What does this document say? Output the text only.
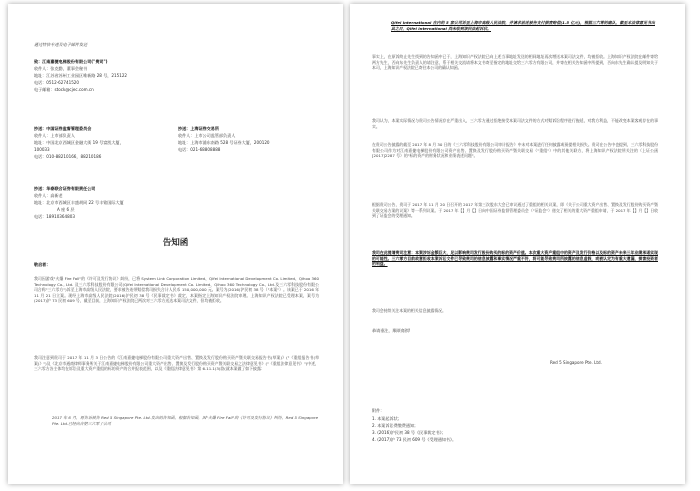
通过特快专递及电子邮件发送
致：江南嘉捷电梯股份有限公司("贵司")
收件人：张克勤，董事会秘书
地址：江苏省苏州工业园区唯新路 28 号，215122
电话：0512-62741520
电子邮箱：stock@cjec.com.cn
抄送：中国证券监督管理委员会
收件人：上市部负责人
地址：中国北京西城区金融大街 19 号富凯大厦，
100033
电话：010-88210166，88210186
抄送：上海证券交易所
收件人：上市公司监管部负责人
地址：上海市浦东南路 528 号证券大厦，200120
电话：021-68808888
抄送：华泰联合证券有限责任公司
收件人：高新老
地址：北京市西城区丰盛胡同 22 号丰铭国际大厦
A 座 6 层
电话：18910364803
告知函
敬启者：
我司因游戏"火爆 Fire Fall"的《许可及发行协议》纠纷，已将 System Link Corporation Limited、Qifei International Development Co. Limited、Qihoo 360 Technology Co., Ltd. 及三六零科技股份有限公司(Qifei International Development Co. Limited、Qihoo 360 Technology Co., Ltd.及三六零科技股份有限公司合称"三六零方")诉至上海市高级人民法院，要求被告连带赔偿我司损失合计人民币 150,000,000 元。案号为(2016)沪民初 38 号（"本案"）。该案已于 2016 年 11 月 21 日立案。现经上海市高级人民法院(2016)沪民初 38 号《民事裁定书》裁定，本案指定上海知识产权法院审理。上海知识产权法院已受理本案，案号为(2017)沪 73 民初 609 号，截至目前，上海知识产权法院已两次对三六零方送达本案司法文件，但均被拒收。
我司注意到贵司于 2017 年 11 月 3 日公告的《江南嘉捷电梯股份有限公司重大资产出售、置换及发行股份购买资产暨关联交易报告书(草案)》("《重组报告书(草案)》")及《北京市通商律师事务所关于江南嘉捷电梯股份有限公司重大资产出售、置换及发行股份购买资产暨关联交易之法律意见书》("《重组法律意见书》")中述，三六零方各主体均在诉讼及重大资产重组的标的资产的合并报表范围，以及《重组法律意见书》第 6.11.1(3)款(就本案做了如下披露：
2017 年 6 月，原告诉被告 Red 5 Singapore Pte. Ltd.发出的告知函，根据告知函，因"火爆 Fire Fall"的《许可及发行协议》纠纷，Red 5 Singapore Pte. Ltd.已经向合肥三六零子公司
Qifei International 在内的 5 家公司诉至上海市高级人民法院，并请求前述被告支付损害赔偿(1.5 亿元)，根据三六零的确认，截至本法律意见书出具之日，Qifei International 尚未收到该民法起诉状。
事实上，在原诉终止先生找到的告知函中已于，上海知识产权法院已向上述当事地址发送的相同地址再次增送本案司法文件，均被拒收。上海知识产权法院在邮件寄给两方先生，否向东先生负责人的请注意，系于相关交流请将本文书寄至指定的地址交给三六零方有限公司，并寄在相关告知函中所提到，否向东先生确认提及明知关于本司，上海知识产权法院已寄往本公司的确认知函。
我司认为，本案实际情况与贵司公告情况存在严重出入，三六零方通过拒绝接受本案司法文件的方式对赔诉讼程序进行拖延，对我方利益，不能改变本案客观存在的事实。
在贵司公告披露的截至 2017 年 8 月 30 日的《三六零科技股份有限公司审计报告》中未对本案进行任何披露或预提相关损失。贵司在公告中也提到，三六零科技股份有限公司作为对江南嘉捷电梯股份有限公司资产出售、置换及发行股份购买资产暨关联交易（"重组"）中的其他关联方，将上海知识产权法院所关注的（上证公函[2017]2287 号）的"标的资产的财务状况和业绩表述问题"。
根据贵司公告，贵司于 2017 年 11 月 20 日召开的 2017 年第三次股东大会已审议通过了重组的相关议案，即《关于公司重大资产出售、置换及发行股份购买资产暨关联交易方案的议案》等一系列议案。于 2017 年【】月【】日向中国证券监督管理委员会（"证监会"）递交了相关的重大资产重组申请，于 2017 年【】月【】日收到了证监会的受理通知。
我司在此提请贵司注意：本案涉诉金额巨大，足以影响贵司发行股份购买的标的资产价值。本次重大资产重组中的资产及发行价格以及标的资产未来三年业绩承诺实现的可能性。三六零方目前故意拒收本案诉讼文件已导致贵司的信息披露和事实情况严重不符，将可能导致贵司所披露的信息虚假，或被认定为有重大遗漏，损害投资者的利益。
我司会持续关注本案的相关信息披露情况。
恭请垂注，顺颂商祺!
Red 5 Singapore Pte. Ltd.
附件：
1. 本案起诉状；
2. 本案诉讼费缴费通知；
3. (2016)沪民初 38 号《民事裁定书》；
4. (2017)沪 73 民初 609 号《受理通知书》。
